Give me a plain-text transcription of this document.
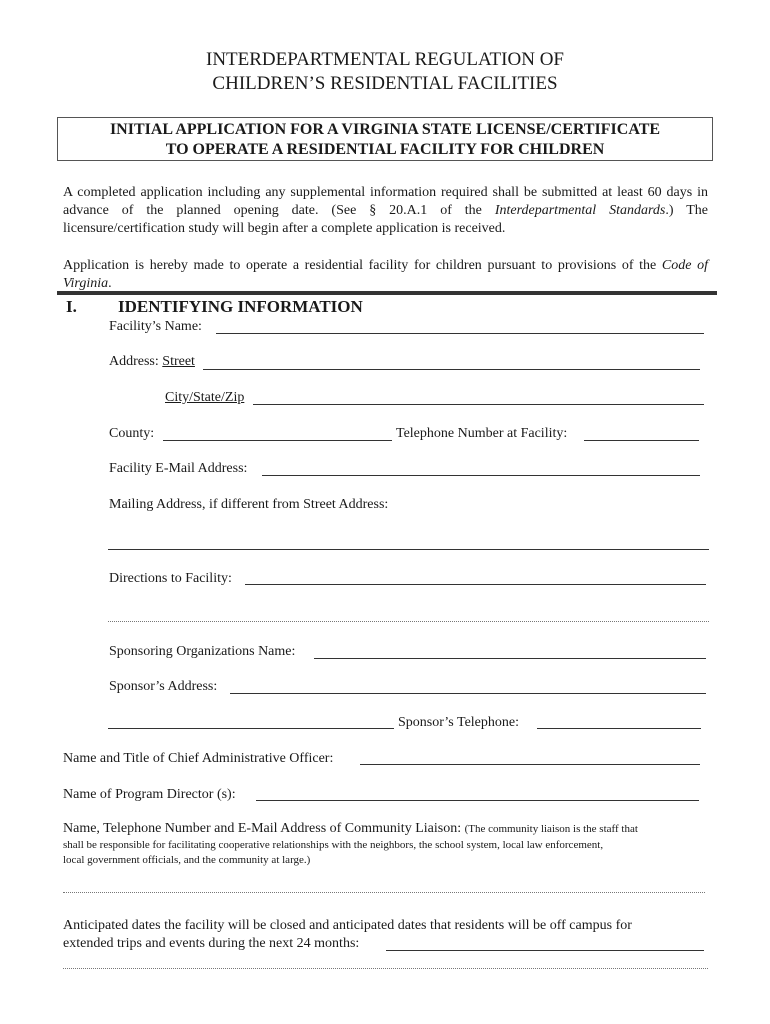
INTERDEPARTMENTAL REGULATION OF
CHILDREN’S RESIDENTIAL FACILITIES
INITIAL APPLICATION FOR A VIRGINIA STATE LICENSE/CERTIFICATE
TO OPERATE A RESIDENTIAL FACILITY FOR CHILDREN
A completed application including any supplemental information required shall be submitted at least 60 days in advance of the planned opening date. (See § 20.A.1 of the Interdepartmental Standards.) The licensure/certification study will begin after a complete application is received.
Application is hereby made to operate a residential facility for children pursuant to provisions of the Code of Virginia.
I. IDENTIFYING INFORMATION
Facility’s Name:
Address: Street
City/State/Zip
County:	Telephone Number at Facility:
Facility E-Mail Address:
Mailing Address, if different from Street Address:
Directions to Facility:
Sponsoring Organizations Name:
Sponsor’s Address:
Sponsor’s Telephone:
Name and Title of Chief Administrative Officer:
Name of Program Director (s):
Name, Telephone Number and E-Mail Address of Community Liaison: (The community liaison is the staff that
shall be responsible for facilitating cooperative relationships with the neighbors, the school system, local law enforcement,
local government officials, and the community at large.)
Anticipated dates the facility will be closed and anticipated dates that residents will be off campus for
extended trips and events during the next 24 months:
